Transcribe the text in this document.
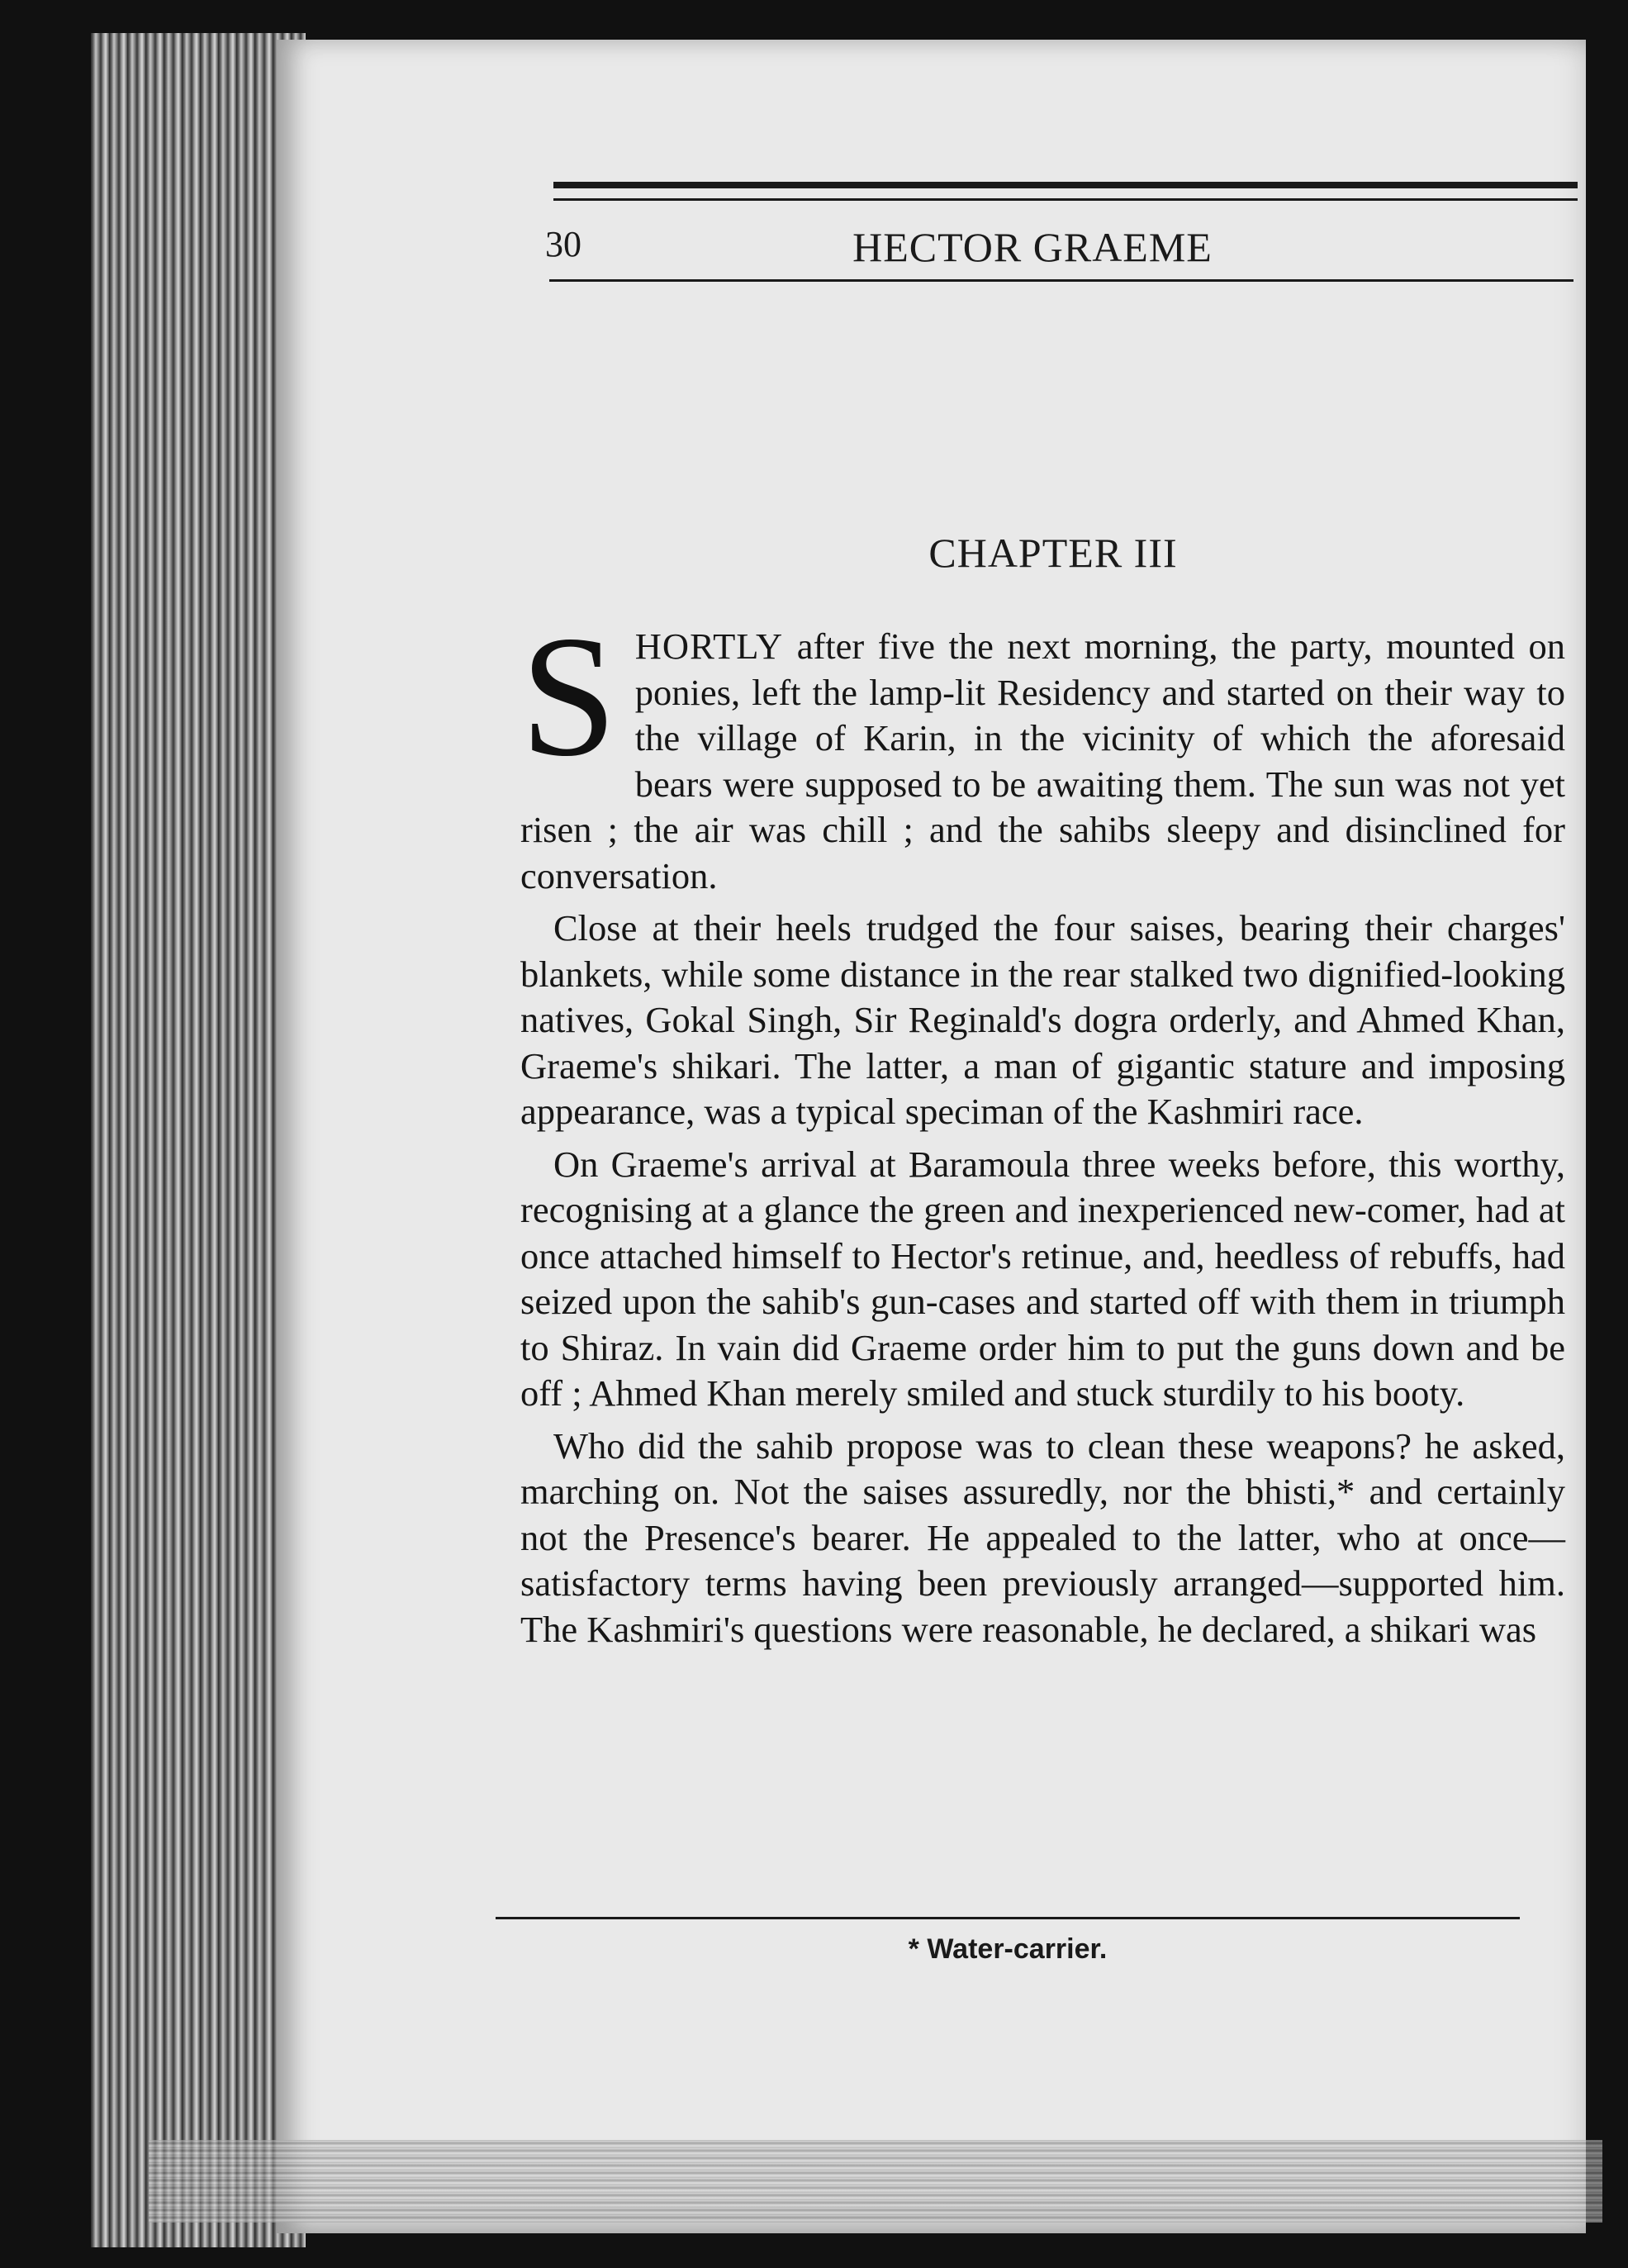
30	HECTOR GRAEME
CHAPTER III

SHORTLY after five the next morning, the party, mounted on ponies, left the lamp-lit Residency and started on their way to the village of Karin, in the vicinity of which the aforesaid bears were supposed to be awaiting them. The sun was not yet risen ; the air was chill ; and the sahibs sleepy and disinclined for conversation.

Close at their heels trudged the four saises, bearing their charges' blankets, while some distance in the rear stalked two dignified-looking natives, Gokal Singh, Sir Reginald's dogra orderly, and Ahmed Khan, Graeme's shikari. The latter, a man of gigantic stature and imposing appearance, was a typical speciman of the Kashmiri race.

On Graeme's arrival at Baramoula three weeks before, this worthy, recognising at a glance the green and inexperienced new-comer, had at once attached himself to Hector's retinue, and, heedless of rebuffs, had seized upon the sahib's gun-cases and started off with them in triumph to Shiraz. In vain did Graeme order him to put the guns down and be off ; Ahmed Khan merely smiled and stuck sturdily to his booty.

Who did the sahib propose was to clean these weapons? he asked, marching on. Not the saises assuredly, nor the bhisti,* and certainly not the Presence's bearer. He appealed to the latter, who at once—satisfactory terms having been previously arranged—supported him. The Kashmiri's questions were reasonable, he declared, a shikari was

* Water-carrier.
